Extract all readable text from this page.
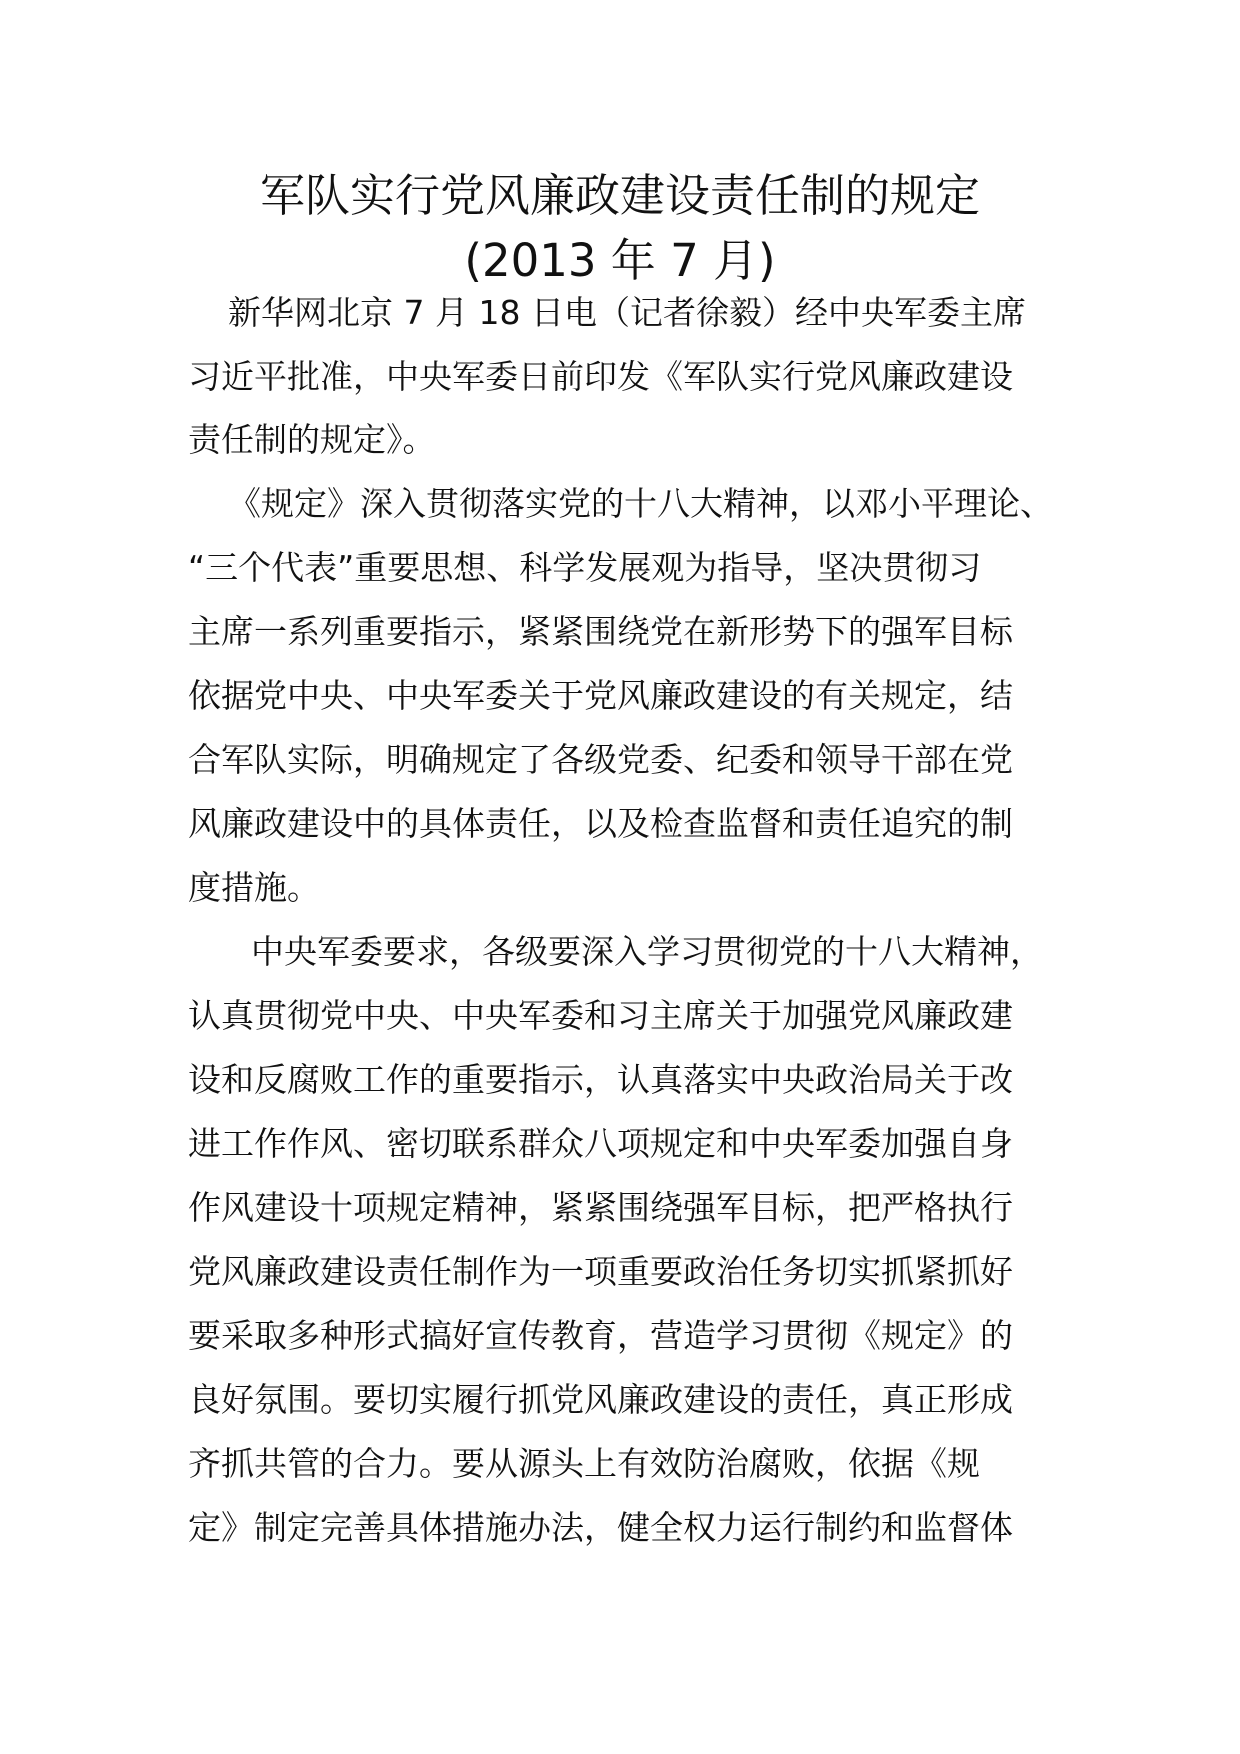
军队实行党风廉政建设责任制的规定
(2013 年 7 月)

新华网北京 7 月 18 日电（记者徐毅）经中央军委主席

习近平批准，中央军委日前印发《军队实行党风廉政建设

责任制的规定》。

《规定》深入贯彻落实党的十八大精神，以邓小平理论、

“三个代表”重要思想、科学发展观为指导，坚决贯彻习

主席一系列重要指示，紧紧围绕党在新形势下的强军目标

依据党中央、中央军委关于党风廉政建设的有关规定，结

合军队实际，明确规定了各级党委、纪委和领导干部在党

风廉政建设中的具体责任，以及检查监督和责任追究的制

度措施。

中央军委要求，各级要深入学习贯彻党的十八大精神，

认真贯彻党中央、中央军委和习主席关于加强党风廉政建

设和反腐败工作的重要指示，认真落实中央政治局关于改

进工作作风、密切联系群众八项规定和中央军委加强自身

作风建设十项规定精神，紧紧围绕强军目标，把严格执行

党风廉政建设责任制作为一项重要政治任务切实抓紧抓好

要采取多种形式搞好宣传教育，营造学习贯彻《规定》的

良好氛围。要切实履行抓党风廉政建设的责任，真正形成

齐抓共管的合力。要从源头上有效防治腐败，依据《规

定》制定完善具体措施办法，健全权力运行制约和监督体
